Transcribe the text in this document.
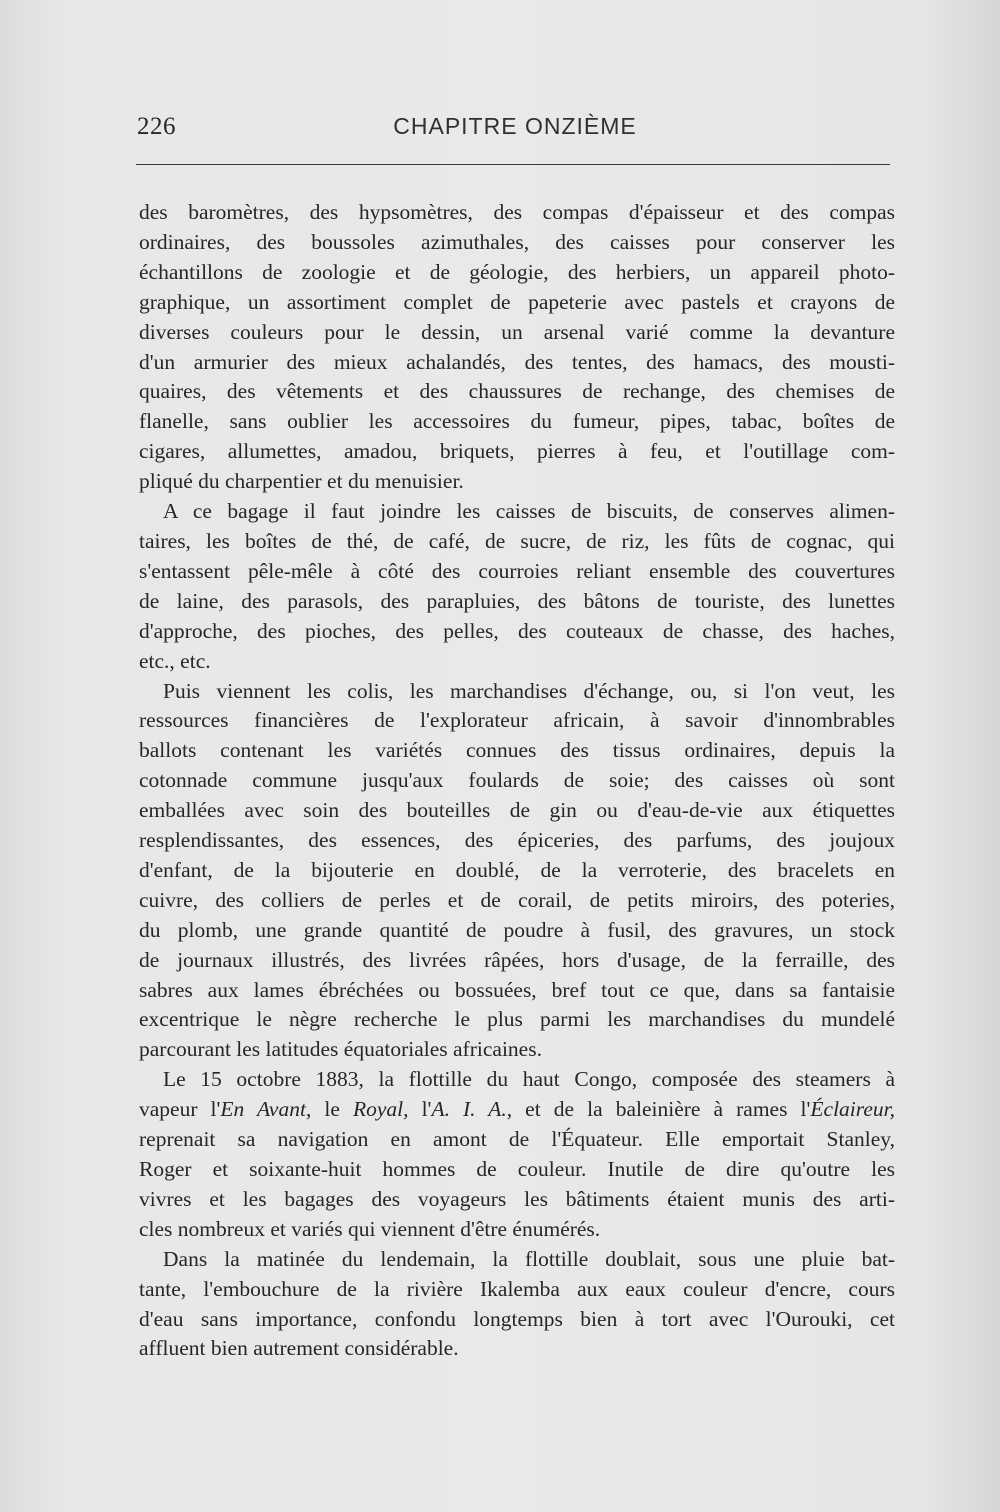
226	CHAPITRE ONZIÈME
des baromètres, des hypsomètres, des compas d'épaisseur et des compas
ordinaires, des boussoles azimuthales, des caisses pour conserver les
échantillons de zoologie et de géologie, des herbiers, un appareil photo-
graphique, un assortiment complet de papeterie avec pastels et crayons de
diverses couleurs pour le dessin, un arsenal varié comme la devanture
d'un armurier des mieux achalandés, des tentes, des hamacs, des mousti-
quaires, des vêtements et des chaussures de rechange, des chemises de
flanelle, sans oublier les accessoires du fumeur, pipes, tabac, boîtes de
cigares, allumettes, amadou, briquets, pierres à feu, et l'outillage com-
pliqué du charpentier et du menuisier.
A ce bagage il faut joindre les caisses de biscuits, de conserves alimen-
taires, les boîtes de thé, de café, de sucre, de riz, les fûts de cognac, qui
s'entassent pêle-mêle à côté des courroies reliant ensemble des couvertures
de laine, des parasols, des parapluies, des bâtons de touriste, des lunettes
d'approche, des pioches, des pelles, des couteaux de chasse, des haches,
etc., etc.
Puis viennent les colis, les marchandises d'échange, ou, si l'on veut, les
ressources financières de l'explorateur africain, à savoir d'innombrables
ballots contenant les variétés connues des tissus ordinaires, depuis la
cotonnade commune jusqu'aux foulards de soie; des caisses où sont
emballées avec soin des bouteilles de gin ou d'eau-de-vie aux étiquettes
resplendissantes, des essences, des épiceries, des parfums, des joujoux
d'enfant, de la bijouterie en doublé, de la verroterie, des bracelets en
cuivre, des colliers de perles et de corail, de petits miroirs, des poteries,
du plomb, une grande quantité de poudre à fusil, des gravures, un stock
de journaux illustrés, des livrées râpées, hors d'usage, de la ferraille, des
sabres aux lames ébréchées ou bossuées, bref tout ce que, dans sa fantaisie
excentrique le nègre recherche le plus parmi les marchandises du mundelé
parcourant les latitudes équatoriales africaines.
Le 15 octobre 1883, la flottille du haut Congo, composée des steamers à
vapeur l'En Avant, le Royal, l'A. I. A., et de la baleinière à rames l'Éclaireur,
reprenait sa navigation en amont de l'Équateur. Elle emportait Stanley,
Roger et soixante-huit hommes de couleur. Inutile de dire qu'outre les
vivres et les bagages des voyageurs les bâtiments étaient munis des arti-
cles nombreux et variés qui viennent d'être énumérés.
Dans la matinée du lendemain, la flottille doublait, sous une pluie bat-
tante, l'embouchure de la rivière Ikalemba aux eaux couleur d'encre, cours
d'eau sans importance, confondu longtemps bien à tort avec l'Ourouki, cet
affluent bien autrement considérable.
